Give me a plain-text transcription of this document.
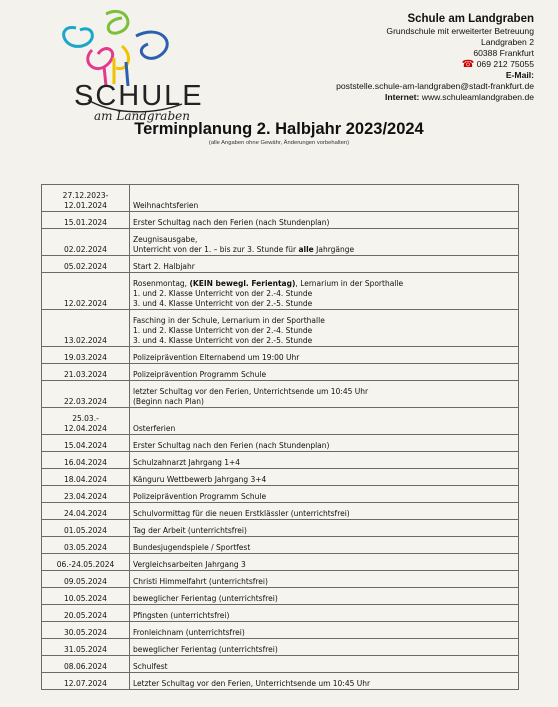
SCHULE
am Landgraben
Schule am Landgraben
Grundschule mit erweiterter Betreuung
Landgraben 2
60388 Frankfurt
☎ 069 212 75055
E-Mail:
poststelle.schule-am-landgraben@stadt-frankfurt.de
Internet: www.schuleamlandgraben.de
Terminplanung 2. Halbjahr 2023/2024
(alle Angaben ohne Gewähr, Änderungen vorbehalten)
27.12.2023-
12.01.2024	Weihnachtsferien

15.01.2024	Erster Schultag nach den Ferien (nach Stundenplan)

02.02.2024	Zeugnisausgabe,
Unterricht von der 1. – bis zur 3. Stunde für alle Jahrgänge

05.02.2024	Start 2. Halbjahr

12.02.2024	Rosenmontag, (KEIN bewegl. Ferientag), Lernarium in der Sporthalle
1. und 2. Klasse Unterricht von der 2.-4. Stunde
3. und 4. Klasse Unterricht von der 2.-5. Stunde

13.02.2024	Fasching in der Schule, Lernarium in der Sporthalle
1. und 2. Klasse Unterricht von der 2.-4. Stunde
3. und 4. Klasse Unterricht von der 2.-5. Stunde

19.03.2024	Polizeiprävention Elternabend um 19:00 Uhr

21.03.2024	Polizeiprävention Programm Schule

22.03.2024	letzter Schultag vor den Ferien, Unterrichtsende um 10:45 Uhr
(Beginn nach Plan)

25.03.-
12.04.2024	Osterferien

15.04.2024	Erster Schultag nach den Ferien (nach Stundenplan)

16.04.2024	Schulzahnarzt Jahrgang 1+4

18.04.2024	Känguru Wettbewerb Jahrgang 3+4

23.04.2024	Polizeiprävention Programm Schule

24.04.2024	Schulvormittag für die neuen Erstklässler (unterrichtsfrei)

01.05.2024	Tag der Arbeit (unterrichtsfrei)

03.05.2024	Bundesjugendspiele / Sportfest

06.-24.05.2024	Vergleichsarbeiten Jahrgang 3

09.05.2024	Christi Himmelfahrt (unterrichtsfrei)

10.05.2024	beweglicher Ferientag (unterrichtsfrei)

20.05.2024	Pfingsten (unterrichtsfrei)

30.05.2024	Fronleichnam (unterrichtsfrei)

31.05.2024	beweglicher Ferientag (unterrichtsfrei)

08.06.2024	Schulfest

12.07.2024	Letzter Schultag vor den Ferien, Unterrichtsende um 10:45 Uhr
